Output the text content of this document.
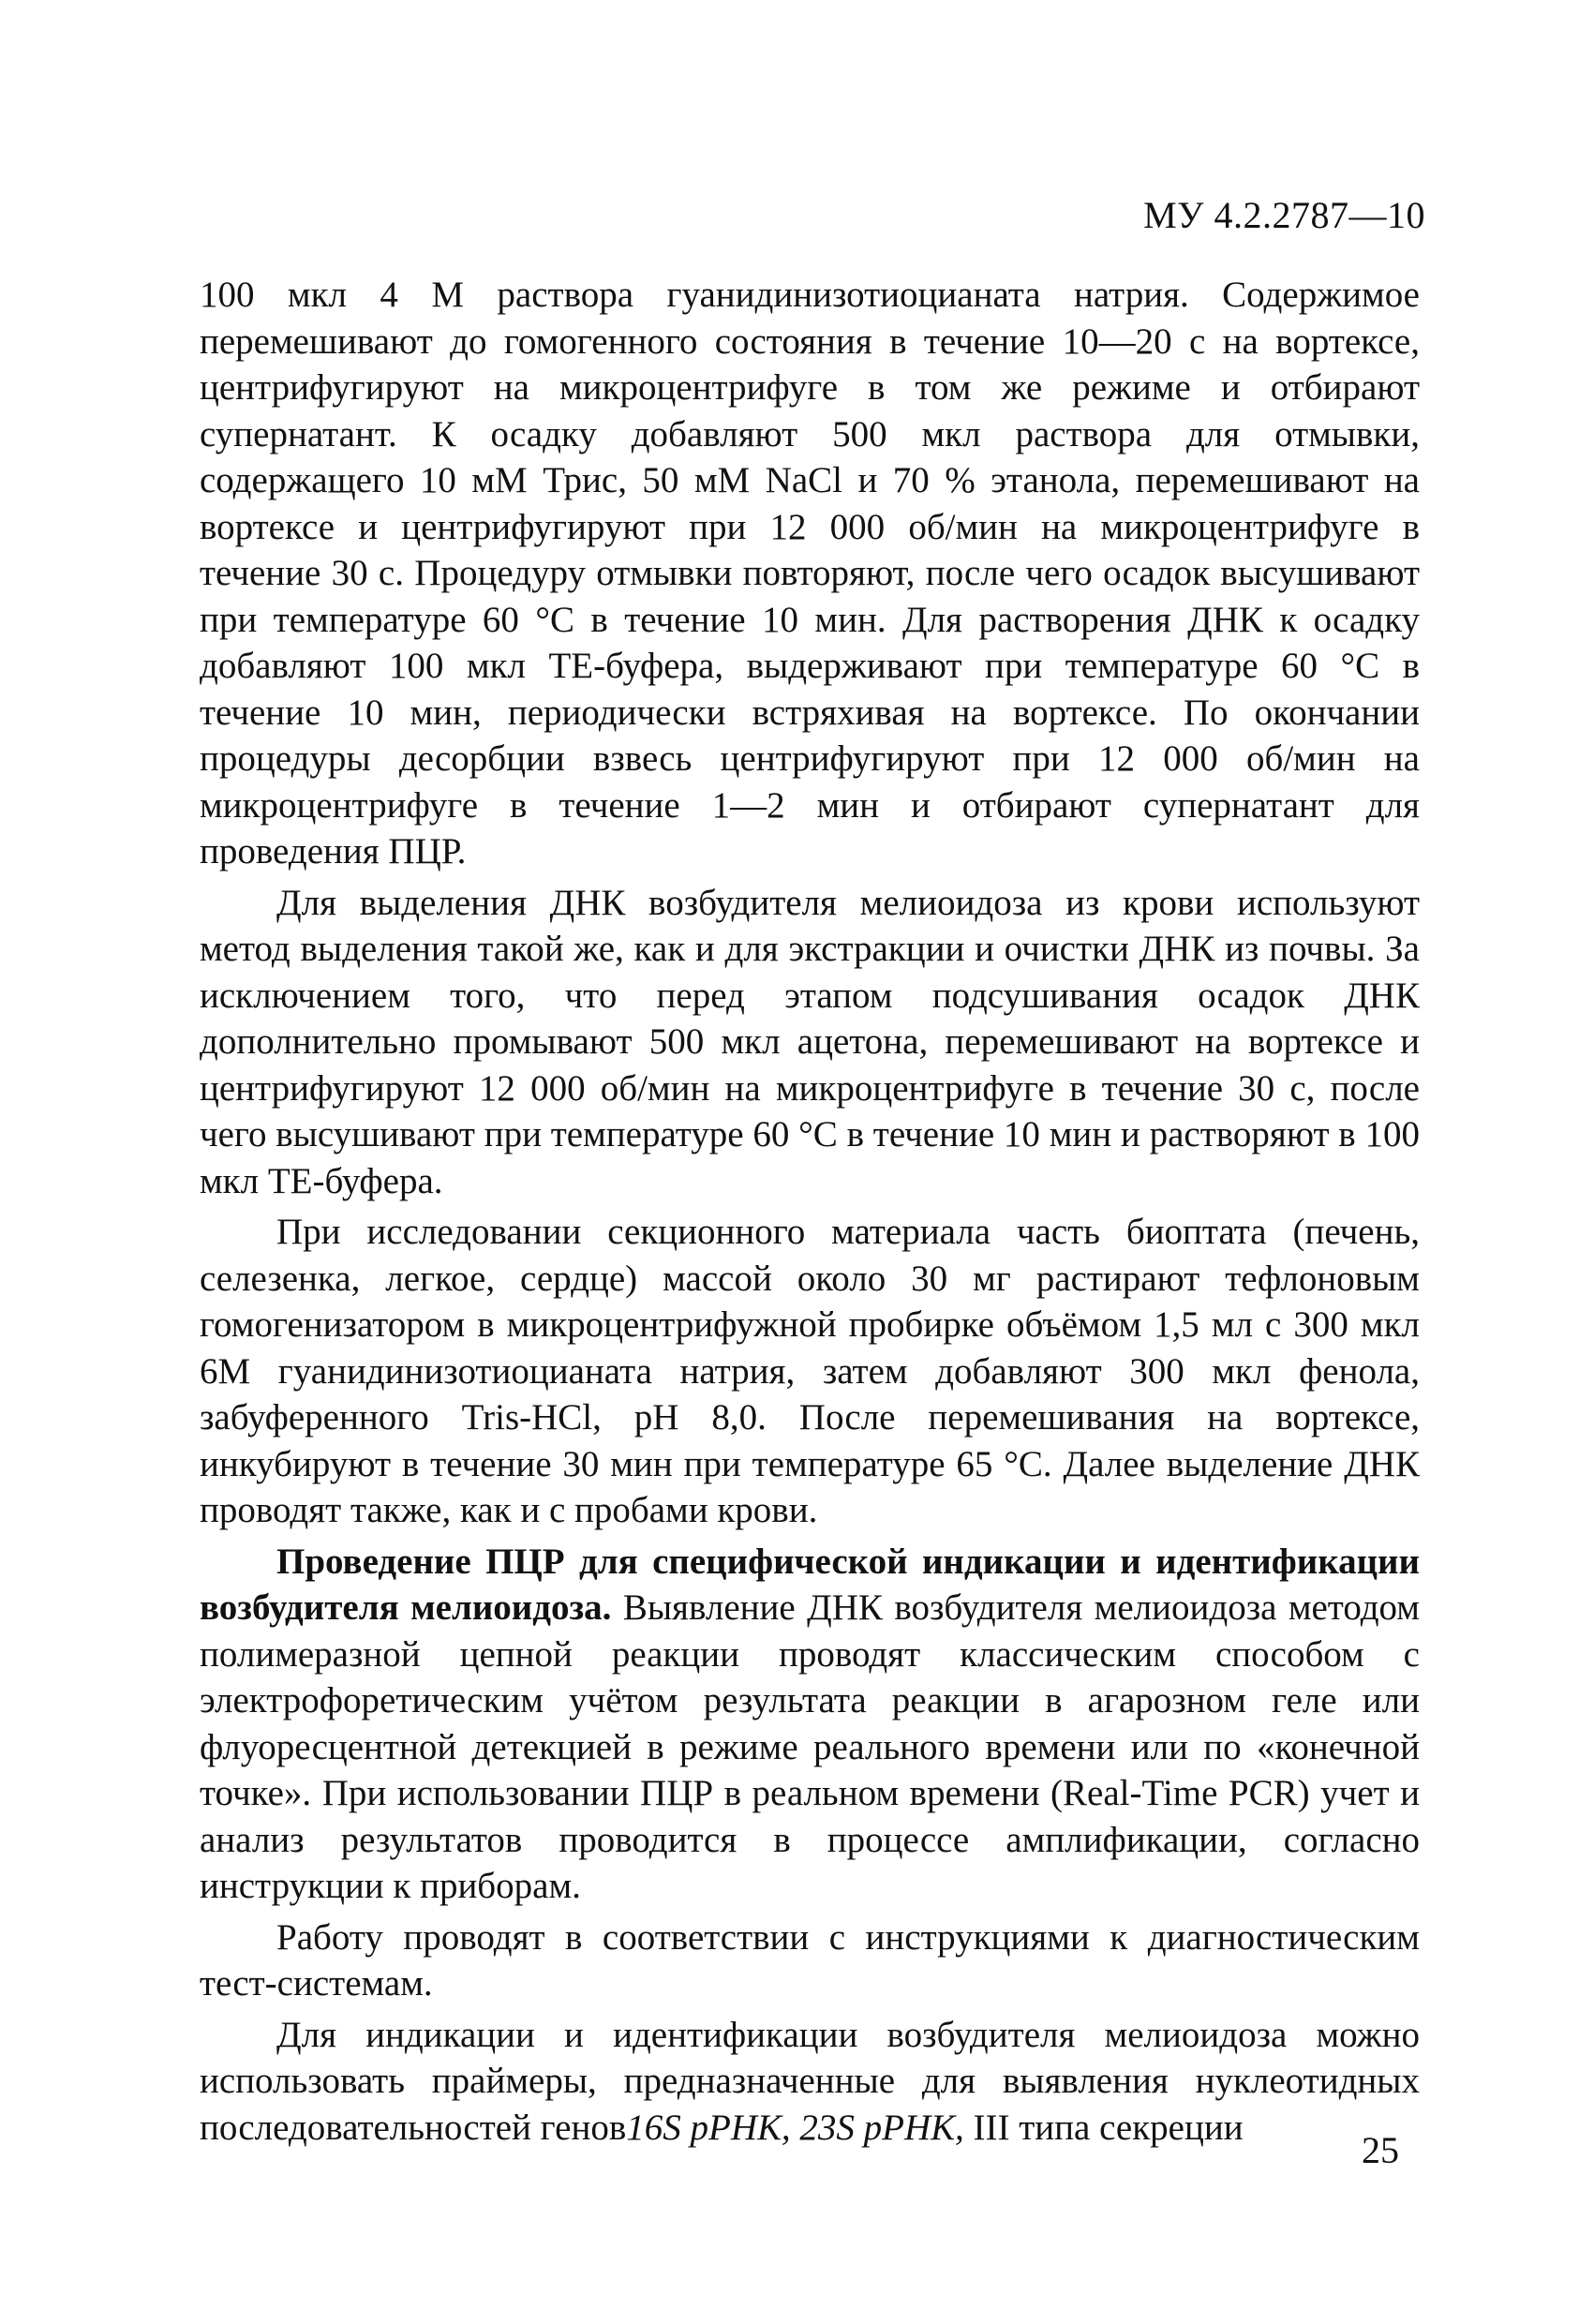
МУ 4.2.2787—10

100 мкл 4 М раствора гуанидинизотиоцианата натрия. Содержимое перемешивают до гомогенного состояния в течение 10—20 с на вортексе, центрифугируют на микроцентрифуге в том же режиме и отбирают супернатант. К осадку добавляют 500 мкл раствора для отмывки, содержащего 10 мМ Трис, 50 мМ NaCl и 70 % этанола, перемешивают на вортексе и центрифугируют при 12 000 об/мин на микроцентрифуге в течение 30 с. Процедуру отмывки повторяют, после чего осадок высушивают при температуре 60 °С в течение 10 мин. Для растворения ДНК к осадку добавляют 100 мкл ТЕ-буфера, выдерживают при температуре 60 °С в течение 10 мин, периодически встряхивая на вортексе. По окончании процедуры десорбции взвесь центрифугируют при 12 000 об/мин на микроцентрифуге в течение 1—2 мин и отбирают супернатант для проведения ПЦР.

Для выделения ДНК возбудителя мелиоидоза из крови используют метод выделения такой же, как и для экстракции и очистки ДНК из почвы. За исключением того, что перед этапом подсушивания осадок ДНК дополнительно промывают 500 мкл ацетона, перемешивают на вортексе и центрифугируют 12 000 об/мин на микроцентрифуге в течение 30 с, после чего высушивают при температуре 60 °С в течение 10 мин и растворяют в 100 мкл ТЕ-буфера.

При исследовании секционного материала часть биоптата (печень, селезенка, легкое, сердце) массой около 30 мг растирают тефлоновым гомогенизатором в микроцентрифужной пробирке объёмом 1,5 мл с 300 мкл 6М гуанидинизотиоцианата натрия, затем добавляют 300 мкл фенола, забуференного Tris-HCl, pH 8,0. После перемешивания на вортексе, инкубируют в течение 30 мин при температуре 65 °С. Далее выделение ДНК проводят также, как и с пробами крови.

Проведение ПЦР для специфической индикации и идентификации возбудителя мелиоидоза. Выявление ДНК возбудителя мелиоидоза методом полимеразной цепной реакции проводят классическим способом с электрофоретическим учётом результата реакции в агарозном геле или флуоресцентной детекцией в режиме реального времени или по «конечной точке». При использовании ПЦР в реальном времени (Real-Time PCR) учет и анализ результатов проводится в процессе амплификации, согласно инструкции к приборам.

Работу проводят в соответствии с инструкциями к диагностическим тест-системам.

Для индикации и идентификации возбудителя мелиоидоза можно использовать праймеры, предназначенные для выявления нуклеотидных последовательностей генов16S рРНК, 23S рРНК, III типа секреции

25
